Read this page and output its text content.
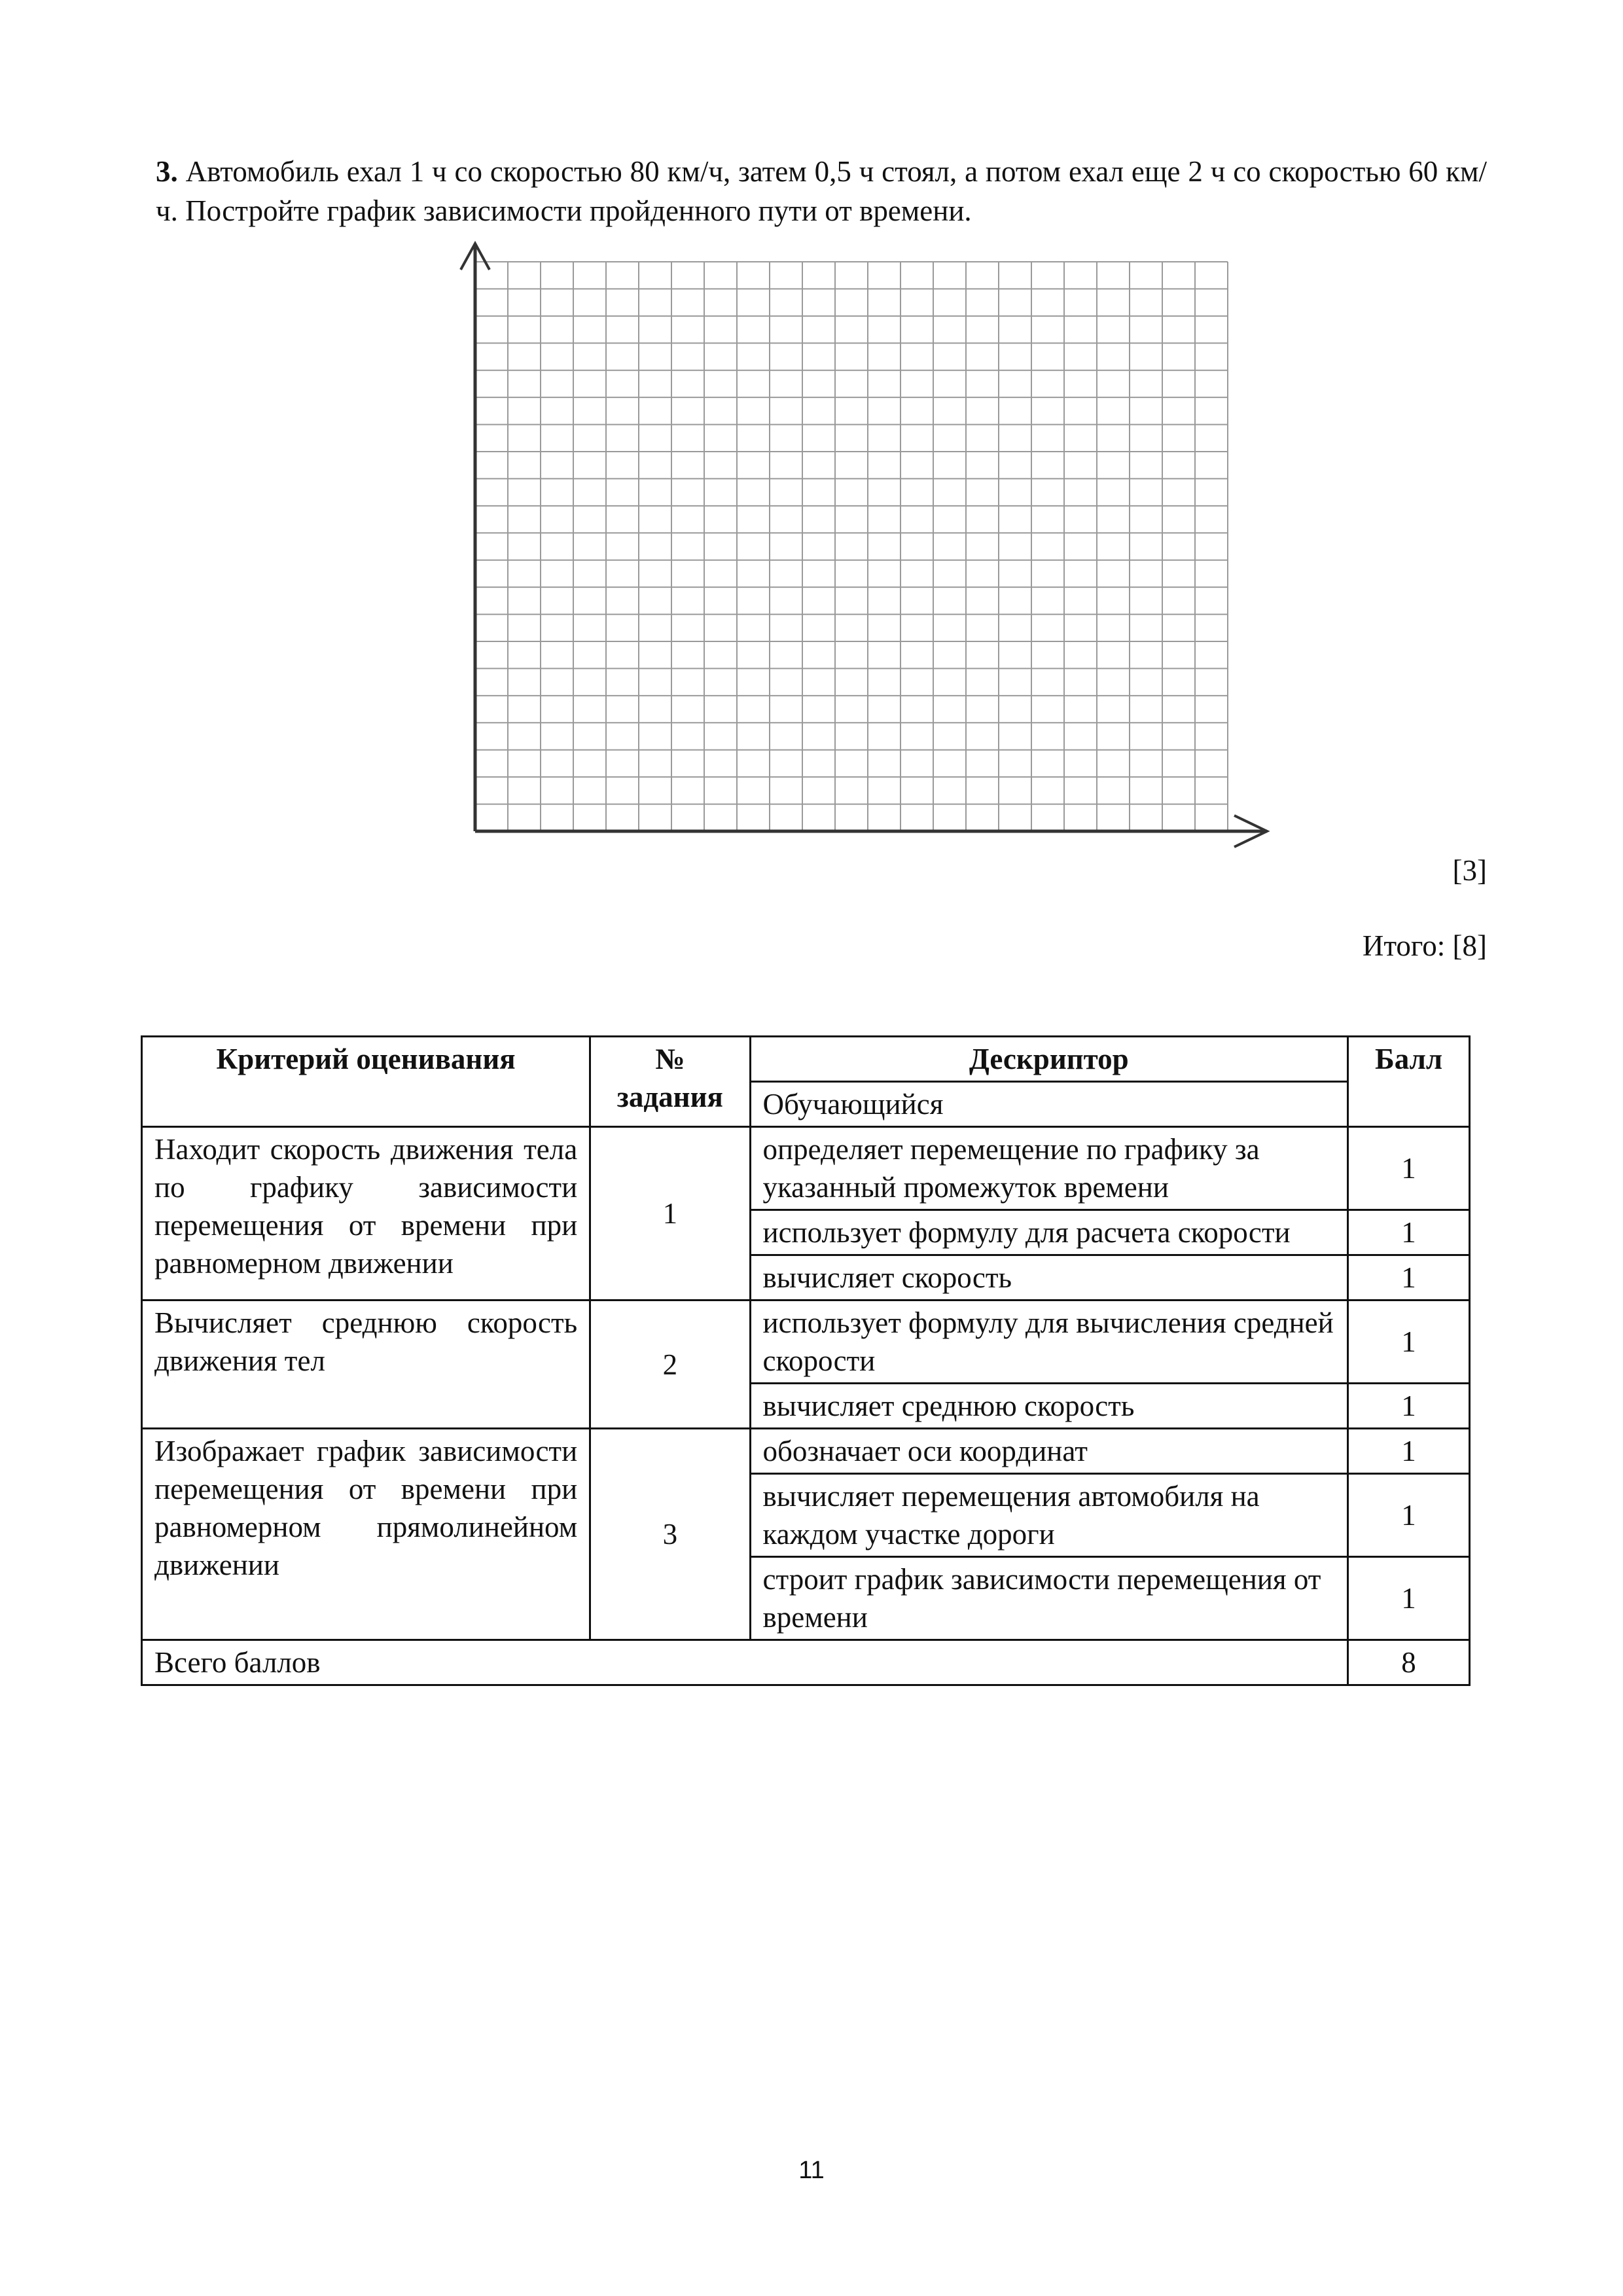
3. Автомобиль ехал 1 ч со скоростью 80 км/ч, затем 0,5 ч стоял, а потом ехал еще 2 ч со скоростью 60 км/ч. Постройте график зависимости пройденного пути от времени.

[3]
Итого: [8]
Критерий оценивания	№ задания	Дескриптор	Балл
		Обучающийся	
Находит скорость движения тела по графику зависимости перемещения от времени при равномерном движении	1	определяет перемещение по графику за указанный промежуток времени	1
		использует формулу для расчета скорости	1
		вычисляет скорость	1
Вычисляет среднюю скорость движения тел	2	использует формулу для вычисления средней скорости	1
		вычисляет среднюю скорость	1
Изображает график зависимости перемещения от времени при равномерном прямолинейном движении	3	обозначает оси координат	1
		вычисляет перемещения автомобиля на каждом участке дороги	1
		строит график зависимости перемещения от времени	1
Всего баллов			8
11
